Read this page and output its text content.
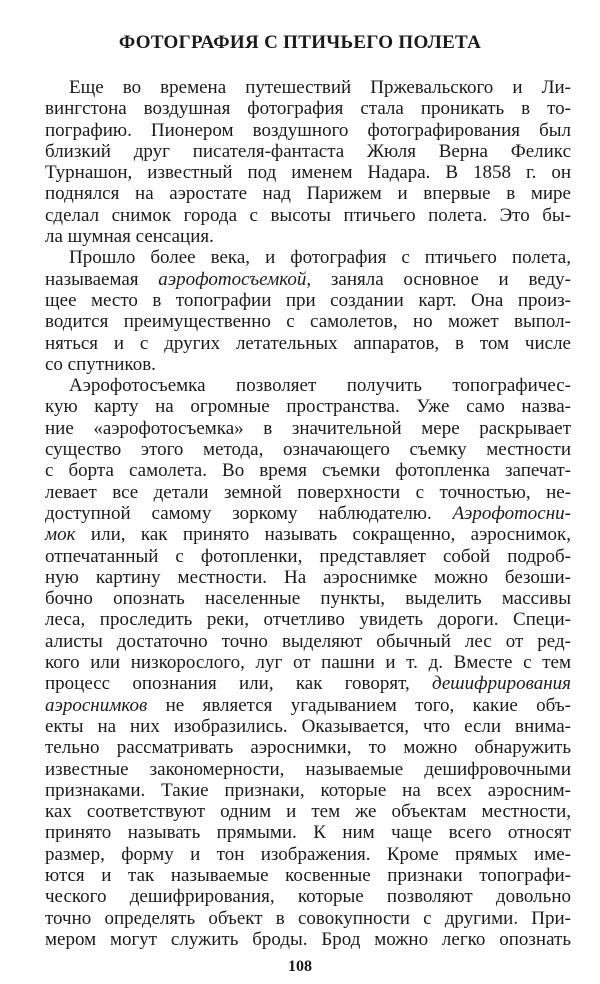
ФОТОГРАФИЯ С ПТИЧЬЕГО ПОЛЕТА
Еще во времена путешествий Пржевальского и Ли-
вингстона воздушная фотография стала проникать в то-
пографию. Пионером воздушного фотографирования был
близкий друг писателя-фантаста Жюля Верна Феликс
Турнашон, известный под именем Надара. В 1858 г. он
поднялся на аэростате над Парижем и впервые в мире
сделал снимок города с высоты птичьего полета. Это бы-
ла шумная сенсация.
Прошло более века, и фотография с птичьего полета,
называемая аэрофотосъемкой, заняла основное и веду-
щее место в топографии при создании карт. Она произ-
водится преимущественно с самолетов, но может выпол-
няться и с других летательных аппаратов, в том числе
со спутников.
Аэрофотосъемка позволяет получить топографичес-
кую карту на огромные пространства. Уже само назва-
ние «аэрофотосъемка» в значительной мере раскрывает
существо этого метода, означающего съемку местности
с борта самолета. Во время съемки фотопленка запечат-
левает все детали земной поверхности с точностью, не-
доступной самому зоркому наблюдателю. Аэрофотосни-
мок или, как принято называть сокращенно, аэроснимок,
отпечатанный с фотопленки, представляет собой подроб-
ную картину местности. На аэроснимке можно безоши-
бочно опознать населенные пункты, выделить массивы
леса, проследить реки, отчетливо увидеть дороги. Специ-
алисты достаточно точно выделяют обычный лес от ред-
кого или низкорослого, луг от пашни и т. д. Вместе с тем
процесс опознания или, как говорят, дешифрирования
аэроснимков не является угадыванием того, какие объ-
екты на них изобразились. Оказывается, что если внима-
тельно рассматривать аэроснимки, то можно обнаружить
известные закономерности, называемые дешифровочными
признаками. Такие признаки, которые на всех аэросним-
ках соответствуют одним и тем же объектам местности,
принято называть прямыми. К ним чаще всего относят
размер, форму и тон изображения. Кроме прямых име-
ются и так называемые косвенные признаки топографи-
ческого дешифрирования, которые позволяют довольно
точно определять объект в совокупности с другими. При-
мером могут служить броды. Брод можно легко опознать
108
